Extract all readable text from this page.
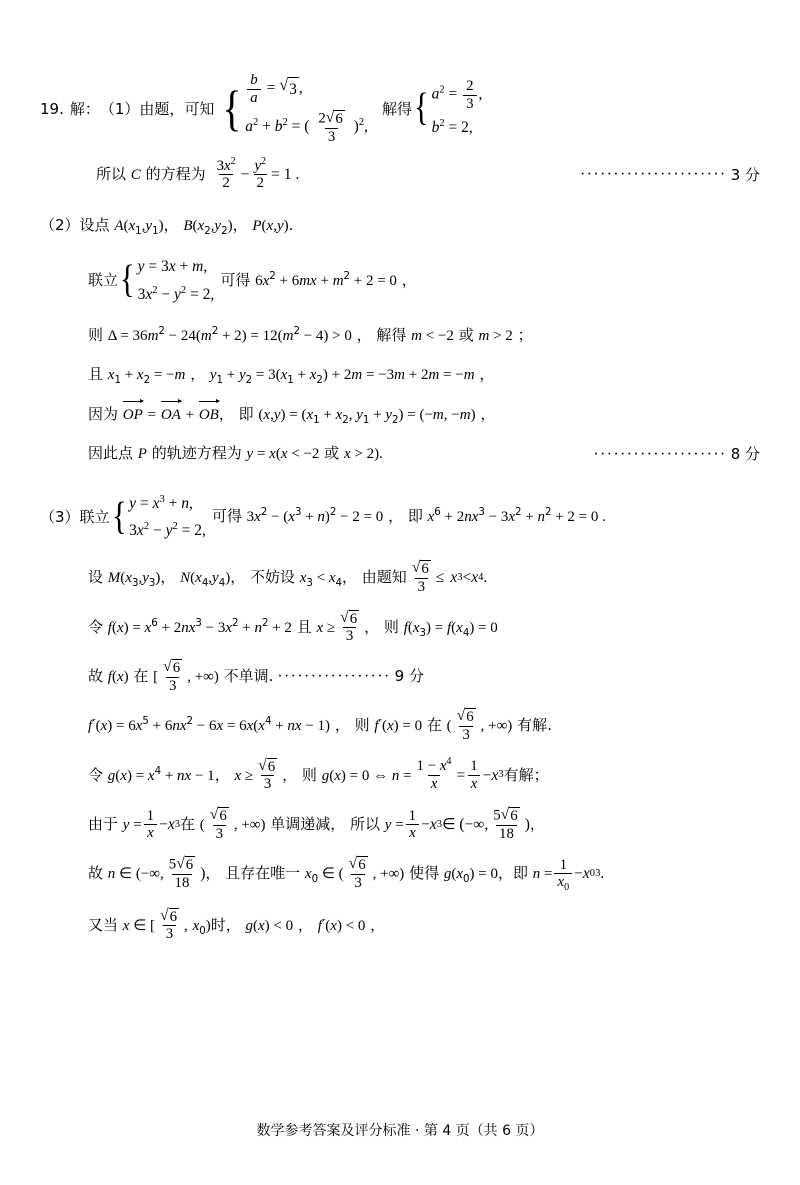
19. 解： （1） 由题，可知 { $\frac{b}{a}$ = √ 3 ,
$a^2 + b^2$ = ( $\frac{2 √ 6}{3} )^2$,
解得 { $a^2 = \frac{2}{3}$ ,
$b^2 = 2$,
所以 C 的方程为 $\frac{3x^2}{2} - \frac{y^2}{2} = 1$ .	······················ 3 分
（2） 设点 $A(x_1,y_1)$， $B(x_2,y_2)$， P(x,y).
联立 { y = 3x + m,
$3x^2 - y^2 = 2$,
可得 $6x^2 + 6mx + m^2 + 2 = 0$ ，
则 $\Delta = 36m^2 - 24(m^2 + 2) = 12(m^2 - 4) > 0$ ， 解得 m < −2 或 m > 2 ；
且 $x_1 + x_2 = -m$ ， $y_1 + y_2 = 3(x_1 + x_2) + 2m = -3m + 2m = -m$ ，
因为
OP = OA + OB， 即 $(x,y) = (x_1 + x_2$, $y_1 + y_2) = (-m$, −m) ，
因此点 P 的轨迹方程为 y = x(x < −2 或 x > 2).	···················· 8 分
（3） 联立 { $y = x^3 + n$,
$3x^2 - y^2 = 2$,
可得 $3x^2 - (x^3 + n)^2 - 2 = 0$ ， 即 $x^6 + 2nx^3 - 3x^2 + n^2 + 2 = 0$ .
设 $M(x_3,y_3)$， $N(x_4,y_4)$， 不妨设 $x_3 < x_4$， 由题知 $\frac{√ 6}{3} \le x$ 3 < x 4 .
令 $f(x) = x^6 + 2nx^3 - 3x^2 + n^2 + 2$ 且 $x \ge \frac{√ 6}{3}$ ， 则 $f(x_3) = f(x_4) = 0$
故 f(x) 在 [ $\frac{√ 6}{3}$ , +∞) 不单调. ················· 9 分
$f'(x) = 6x^5 + 6nx^2 - 6x = 6x(x^4$ + nx − 1) ， 则 f′(x) = 0 在 ( $\frac{√ 6}{3}$ , +∞) 有解.
令 $g(x) = x^4$ + nx − 1， $x \ge \frac{√ 6}{3}$ ， 则 g(x) = 0 ⇔ $n = \frac{1 - x^4}{x} = \frac{1}{x} - x$ 3 有解；
由于 $y = \frac{1}{x} - x$ 3 在 ( $\frac{√ 6}{3}$ , +∞) 单调递减， 所以 $y = \frac{1}{x} - x$ 3 ∈ (−∞, $\frac{5 √ 6}{18}$ ) ，
故 n ∈ (−∞, $\frac{5 √ 6}{18}$ ) ， 且存在唯一 $x_0$ ∈ ( $\frac{√ 6}{3}$ , +∞) 使得 $g(x_0) = 0$，即 $n = \frac{1}{x_0} - x$ 0 3 .
又当 x ∈ [ $\frac{√ 6}{3}$ , $x_0$)时， g(x) < 0 ， f′(x) < 0 ，
数学参考答案及评分标准 · 第 4 页（共 6 页）
